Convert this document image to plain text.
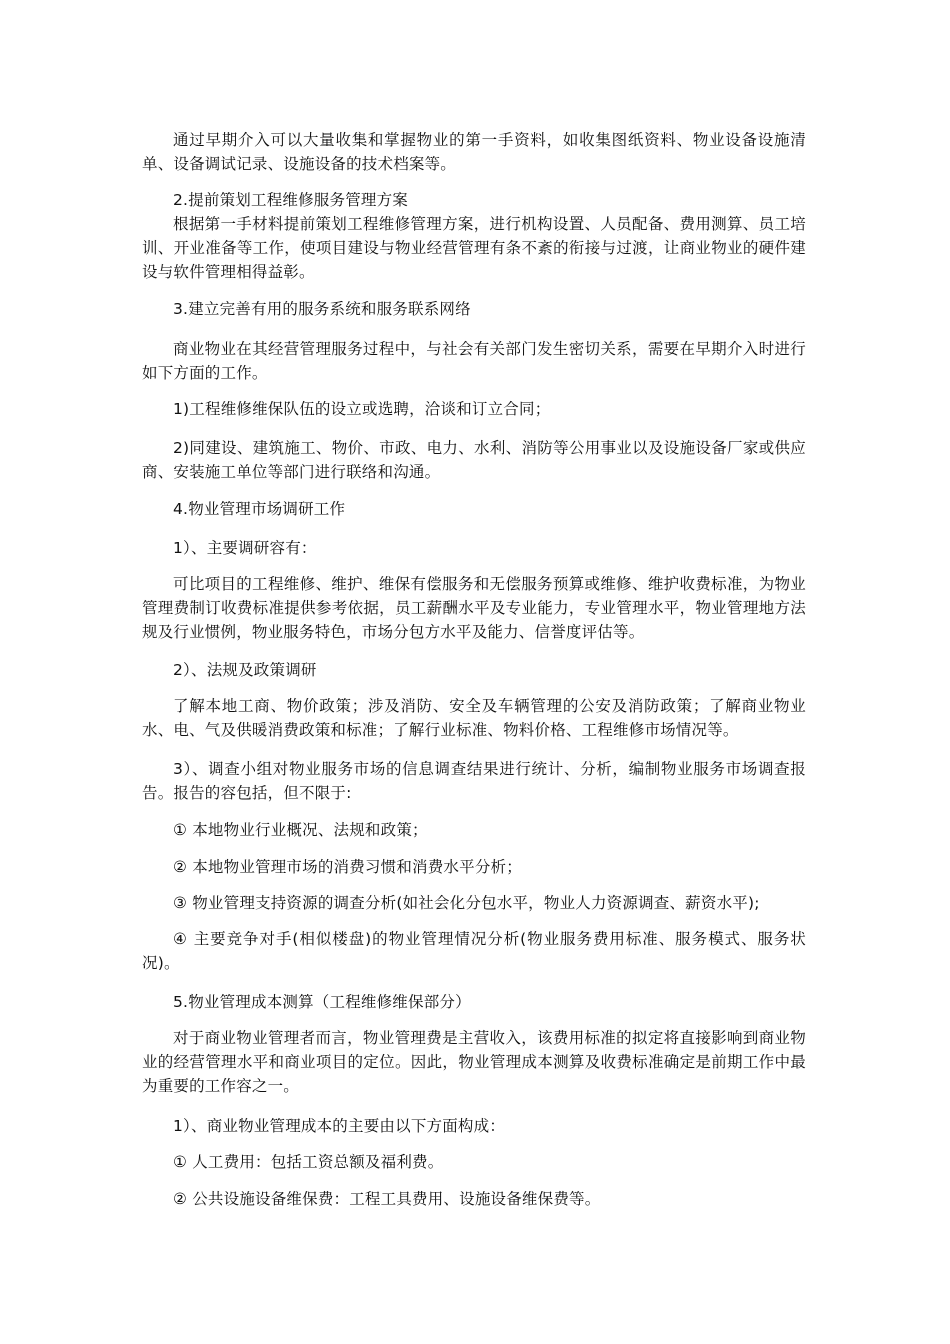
通过早期介入可以大量收集和掌握物业的第一手资料，如收集图纸资料、物业设备设施清单、设备调试记录、设施设备的技术档案等。

2.提前策划工程维修服务管理方案

根据第一手材料提前策划工程维修管理方案，进行机构设置、人员配备、费用测算、员工培训、开业准备等工作，使项目建设与物业经营管理有条不紊的衔接与过渡，让商业物业的硬件建设与软件管理相得益彰。

3.建立完善有用的服务系统和服务联系网络

商业物业在其经营管理服务过程中，与社会有关部门发生密切关系，需要在早期介入时进行如下方面的工作。

1)工程维修维保队伍的设立或选聘，洽谈和订立合同；

2)同建设、建筑施工、物价、市政、电力、水利、消防等公用事业以及设施设备厂家或供应商、安装施工单位等部门进行联络和沟通。

4.物业管理市场调研工作

1）、主要调研容有：

可比项目的工程维修、维护、维保有偿服务和无偿服务预算或维修、维护收费标准，为物业管理费制订收费标准提供参考依据，员工薪酬水平及专业能力，专业管理水平，物业管理地方法规及行业惯例，物业服务特色，市场分包方水平及能力、信誉度评估等。

2）、法规及政策调研

了解本地工商、物价政策；涉及消防、安全及车辆管理的公安及消防政策；了解商业物业水、电、气及供暖消费政策和标准；了解行业标准、物料价格、工程维修市场情况等。

3）、调查小组对物业服务市场的信息调查结果进行统计、分析，编制物业服务市场调查报告。报告的容包括，但不限于:

① 本地物业行业概况、法规和政策；

② 本地物业管理市场的消费习惯和消费水平分析；

③ 物业管理支持资源的调查分析(如社会化分包水平，物业人力资源调查、薪资水平);

④ 主要竞争对手(相似楼盘)的物业管理情况分析(物业服务费用标准、服务模式、服务状况)。

5.物业管理成本测算（工程维修维保部分）

对于商业物业管理者而言，物业管理费是主营收入，该费用标准的拟定将直接影响到商业物业的经营管理水平和商业项目的定位。因此，物业管理成本测算及收费标准确定是前期工作中最为重要的工作容之一。

1）、商业物业管理成本的主要由以下方面构成：

① 人工费用：包括工资总额及福利费。

② 公共设施设备维保费：工程工具费用、设施设备维保费等。
